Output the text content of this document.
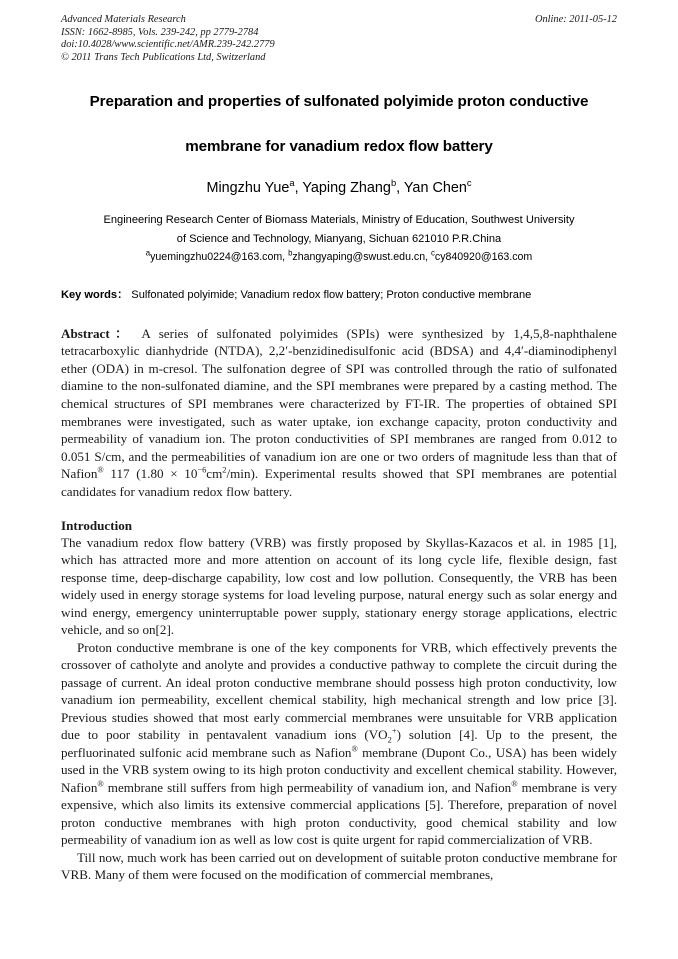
Advanced Materials Research
ISSN: 1662-8985, Vols. 239-242, pp 2779-2784
doi:10.4028/www.scientific.net/AMR.239-242.2779
© 2011 Trans Tech Publications Ltd, Switzerland
Online: 2011-05-12
Preparation and properties of sulfonated polyimide proton conductive
membrane for vanadium redox flow battery
Mingzhu Yue$^a$, Yaping Zhang$^b$, Yan Chen$^c$
Engineering Research Center of Biomass Materials, Ministry of Education, Southwest University
of Science and Technology, Mianyang, Sichuan 621010 P.R.China
$^a$yuemingzhu0224@163.com, $^b$zhangyaping@swust.edu.cn, $^c$cy840920@163.com
Key words： Sulfonated polyimide; Vanadium redox flow battery; Proton conductive membrane
Abstract： A series of sulfonated polyimides (SPIs) were synthesized by 1,4,5,8-naphthalene tetracarboxylic dianhydride (NTDA), 2,2′-benzidinedisulfonic acid (BDSA) and 4,4′-diaminodiphenyl ether (ODA) in m-cresol. The sulfonation degree of SPI was controlled through the ratio of sulfonated diamine to the non-sulfonated diamine, and the SPI membranes were prepared by a casting method. The chemical structures of SPI membranes were characterized by FT-IR. The properties of obtained SPI membranes were investigated, such as water uptake, ion exchange capacity, proton conductivity and permeability of vanadium ion. The proton conductivities of SPI membranes are ranged from 0.012 to 0.051 S/cm, and the permeabilities of vanadium ion are one or two orders of magnitude less than that of Nafion® 117 $(1.80 \times 10^{-6}cm^2/\min)$. Experimental results showed that SPI membranes are potential candidates for vanadium redox flow battery.
Introduction

The vanadium redox flow battery (VRB) was firstly proposed by Skyllas-Kazacos et al. in 1985 [1], which has attracted more and more attention on account of its long cycle life, flexible design, fast response time, deep-discharge capability, low cost and low pollution. Consequently, the VRB has been widely used in energy storage systems for load leveling purpose, natural energy such as solar energy and wind energy, emergency uninterruptable power supply, stationary energy storage applications, electric vehicle, and so on[2].

Proton conductive membrane is one of the key components for VRB, which effectively prevents the crossover of catholyte and anolyte and provides a conductive pathway to complete the circuit during the passage of current. An ideal proton conductive membrane should possess high proton conductivity, low vanadium ion permeability, excellent chemical stability, high mechanical strength and low price [3]. Previous studies showed that most early commercial membranes were unsuitable for VRB application due to poor stability in pentavalent vanadium ions $(VO_2^+)$ solution [4]. Up to the present, the perfluorinated sulfonic acid membrane such as Nafion® membrane (Dupont Co., USA) has been widely used in the VRB system owing to its high proton conductivity and excellent chemical stability. However, Nafion® membrane still suffers from high permeability of vanadium ion, and Nafion® membrane is very expensive, which also limits its extensive commercial applications [5]. Therefore, preparation of novel proton conductive membranes with high proton conductivity, good chemical stability and low permeability of vanadium ion as well as low cost is quite urgent for rapid commercialization of VRB.

Till now, much work has been carried out on development of suitable proton conductive membrane for VRB. Many of them were focused on the modification of commercial membranes,
